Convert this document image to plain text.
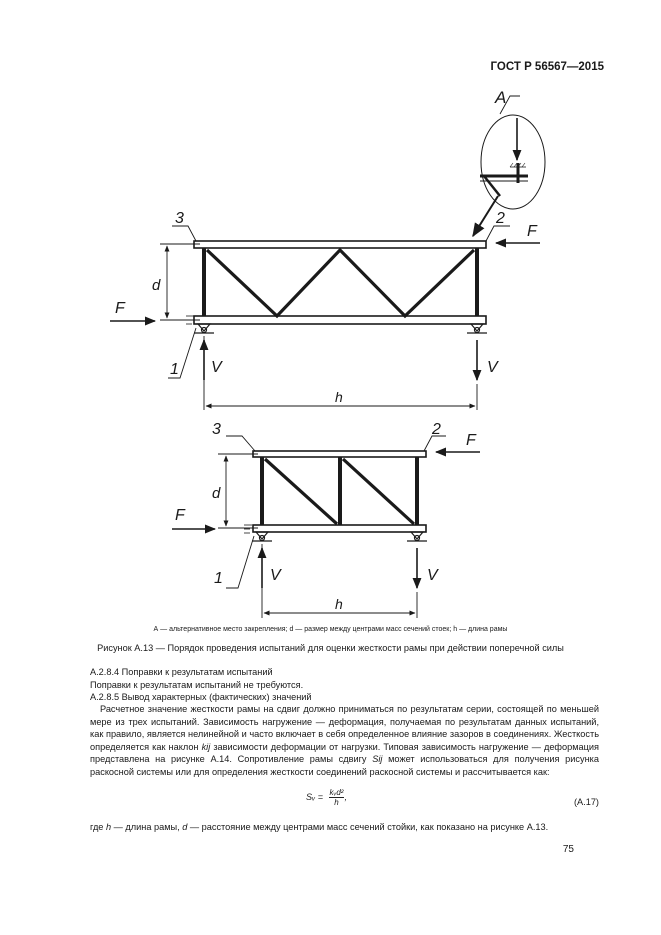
ГОСТ Р 56567—2015
d
F
F
V	V
h
3	2
1
A
d
F
F
V	V
h
3	2
1
А — альтернативное место закрепления; d — размер между центрами масс сечений стоек; h — длина рамы
Рисунок А.13 — Порядок проведения испытаний для оценки жесткости рамы при действии поперечной силы
А.2.8.4 Поправки к результатам испытаний
Поправки к результатам испытаний не требуются.
А.2.8.5 Вывод характерных (фактических) значений
Расчетное значение жесткости рамы на сдвиг должно приниматься по результатам серии, состоящей по меньшей мере из трех испытаний. Зависимость нагружение — деформация, получаемая по результатам данных испытаний, как правило, является нелинейной и часто включает в себя определенное влияние зазоров в соединениях. Жесткость определяется как наклон kij зависимости деформации от нагрузки. Типовая зависимость нагружение — деформация представлена на рисунке А.14. Сопротивление рамы сдвигу Sij может использоваться для получения рисунка раскосной системы или для определения жесткости соединений раскосной системы и рассчитывается как:
Sᵥ = $\frac{\text{kᵥd²}}{h}$ ,
(А.17)
где h — длина рамы, d — расстояние между центрами масс сечений стойки, как показано на рисунке А.13.
75
